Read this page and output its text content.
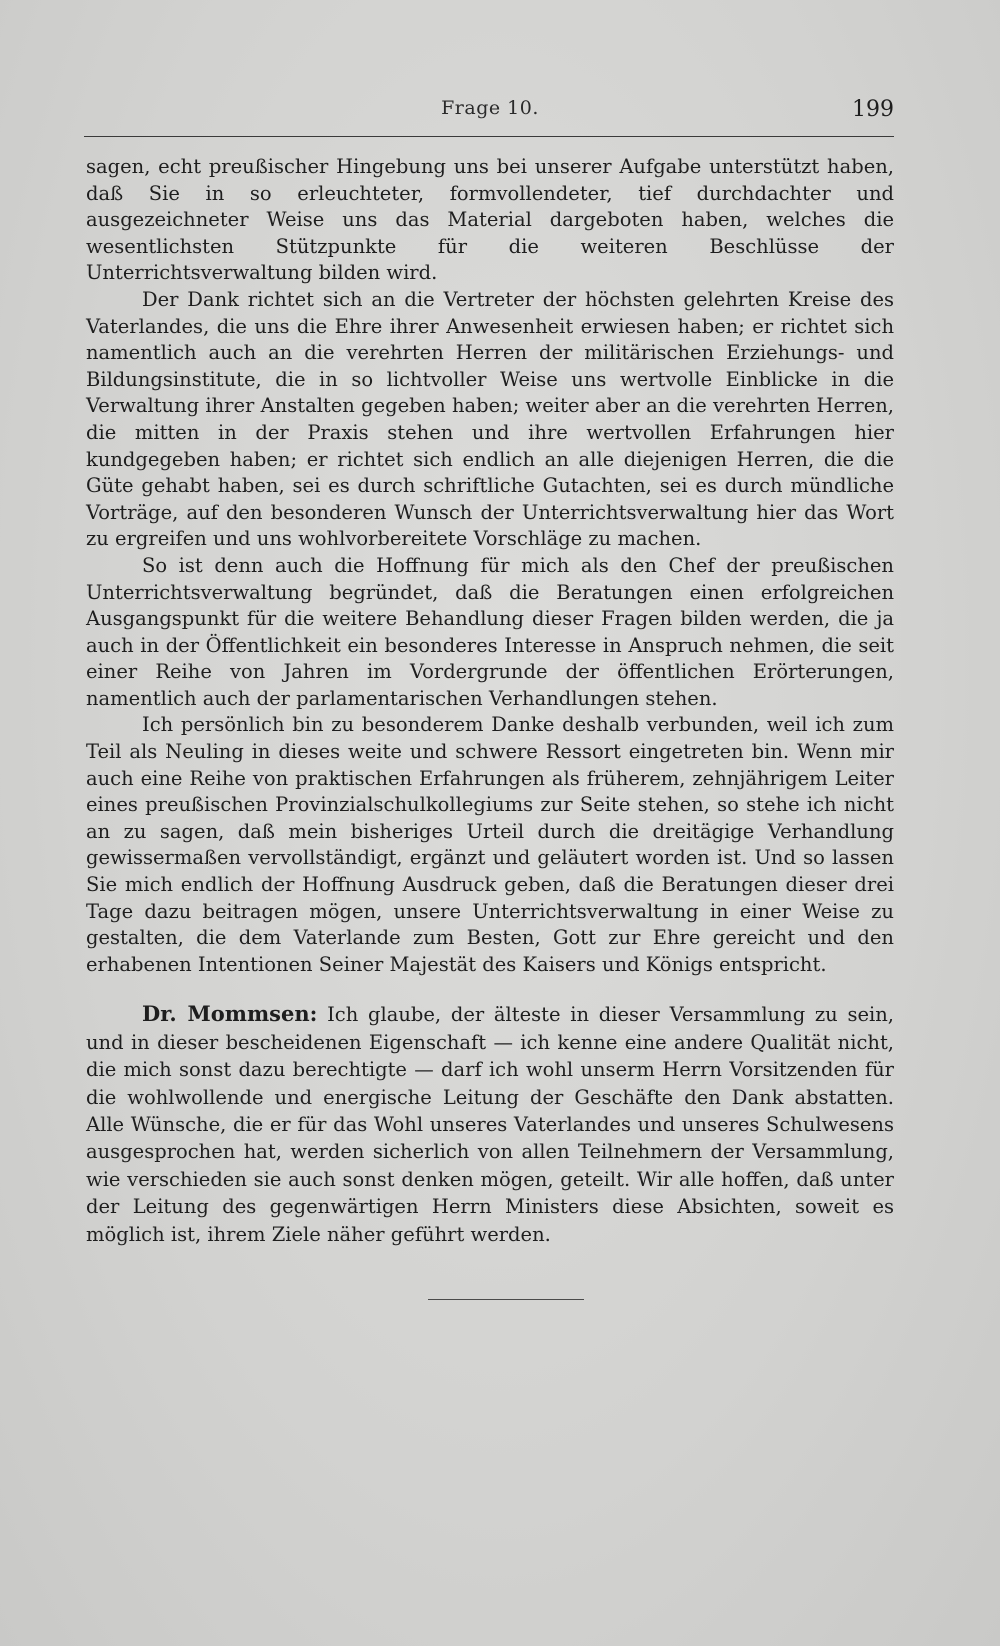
Frage 10.	199

sagen, echt preußischer Hingebung uns bei unserer Aufgabe unterstützt haben, daß Sie in so erleuchteter, formvollendeter, tief durchdachter und ausgezeichneter Weise uns das Material dargeboten haben, welches die wesentlichsten Stützpunkte für die weiteren Beschlüsse der Unterrichtsverwaltung bilden wird.

Der Dank richtet sich an die Vertreter der höchsten gelehrten Kreise des Vaterlandes, die uns die Ehre ihrer Anwesenheit erwiesen haben; er richtet sich namentlich auch an die verehrten Herren der militärischen Erziehungs- und Bildungsinstitute, die in so lichtvoller Weise uns wertvolle Einblicke in die Verwaltung ihrer Anstalten gegeben haben; weiter aber an die verehrten Herren, die mitten in der Praxis stehen und ihre wertvollen Erfahrungen hier kundgegeben haben; er richtet sich endlich an alle diejenigen Herren, die die Güte gehabt haben, sei es durch schriftliche Gutachten, sei es durch mündliche Vorträge, auf den besonderen Wunsch der Unterrichtsverwaltung hier das Wort zu ergreifen und uns wohlvorbereitete Vorschläge zu machen.

So ist denn auch die Hoffnung für mich als den Chef der preußischen Unterrichtsverwaltung begründet, daß die Beratungen einen erfolgreichen Ausgangspunkt für die weitere Behandlung dieser Fragen bilden werden, die ja auch in der Öffentlichkeit ein besonderes Interesse in Anspruch nehmen, die seit einer Reihe von Jahren im Vordergrunde der öffentlichen Erörterungen, namentlich auch der parlamentarischen Verhandlungen stehen.

Ich persönlich bin zu besonderem Danke deshalb verbunden, weil ich zum Teil als Neuling in dieses weite und schwere Ressort eingetreten bin. Wenn mir auch eine Reihe von praktischen Erfahrungen als früherem, zehnjährigem Leiter eines preußischen Provinzialschulkollegiums zur Seite stehen, so stehe ich nicht an zu sagen, daß mein bisheriges Urteil durch die dreitägige Verhandlung gewissermaßen vervollständigt, ergänzt und geläutert worden ist. Und so lassen Sie mich endlich der Hoffnung Ausdruck geben, daß die Beratungen dieser drei Tage dazu beitragen mögen, unsere Unterrichtsverwaltung in einer Weise zu gestalten, die dem Vaterlande zum Besten, Gott zur Ehre gereicht und den erhabenen Intentionen Seiner Majestät des Kaisers und Königs entspricht.

Dr. Mommsen: Ich glaube, der älteste in dieser Versammlung zu sein, und in dieser bescheidenen Eigenschaft — ich kenne eine andere Qualität nicht, die mich sonst dazu berechtigte — darf ich wohl unserm Herrn Vorsitzenden für die wohlwollende und energische Leitung der Geschäfte den Dank abstatten. Alle Wünsche, die er für das Wohl unseres Vaterlandes und unseres Schulwesens ausgesprochen hat, werden sicherlich von allen Teilnehmern der Versammlung, wie verschieden sie auch sonst denken mögen, geteilt. Wir alle hoffen, daß unter der Leitung des gegenwärtigen Herrn Ministers diese Absichten, soweit es möglich ist, ihrem Ziele näher geführt werden.
